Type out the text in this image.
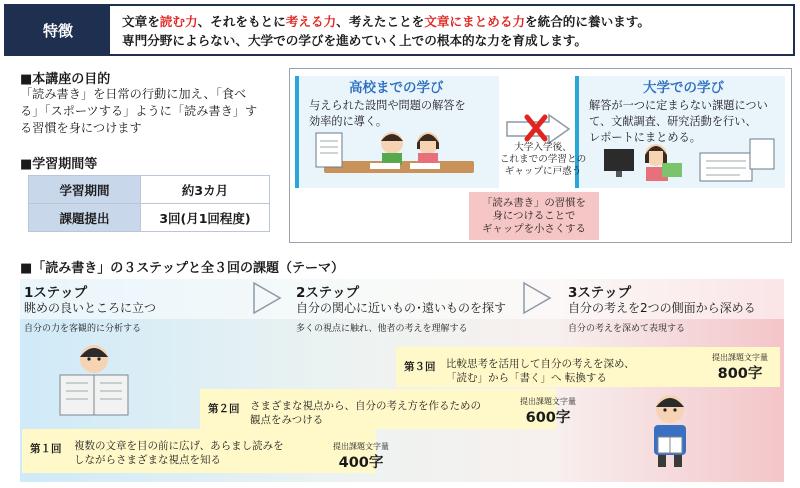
特徴	文章を読む力、それをもとに考える力、考えたことを文章にまとめる力を統合的に養います。
専門分野によらない、大学での学びを進めていく上での根本的な力を育成します。
■本講座の目的
「読み書き」を日常の行動に加え、「食べ
る」「スポーツする」ように「読み書き」す
る習慣を身につけます
■学習期間等
学習期間	約3カ月
課題提出	3回(月1回程度)
高校までの学び
与えられた設問や問題の解答を
効率的に導く。
大学での学び
解答が一つに定まらない課題につい
て、文献調査、研究活動を行い、
レポートにまとめる。
大学入学後、
これまでの学習との
ギャップに戸惑う
「読み書き」の習慣を
身につけることで
ギャップを小さくする
■「読み書き」の３ステップと全３回の課題（テーマ）
1ステップ
眺めの良いところに立つ
自分の力を客観的に分析する
2ステップ
自分の関心に近いもの･遠いものを探す
多くの視点に触れ、他者の考えを理解する
3ステップ
自分の考えを2つの側面から深める
自分の考えを深めて表現する
第１回 複数の文章を目の前に広げ、あらまし読みを
しながらさまざまな視点を知る
提出課題文字量
400字
第２回 さまざまな視点から、自分の考え方を作るための
観点をみつける
提出課題文字量
600字
第３回 比較思考を活用して自分の考えを深め、
「読む」から「書く」へ 転換する
提出課題文字量
800字
